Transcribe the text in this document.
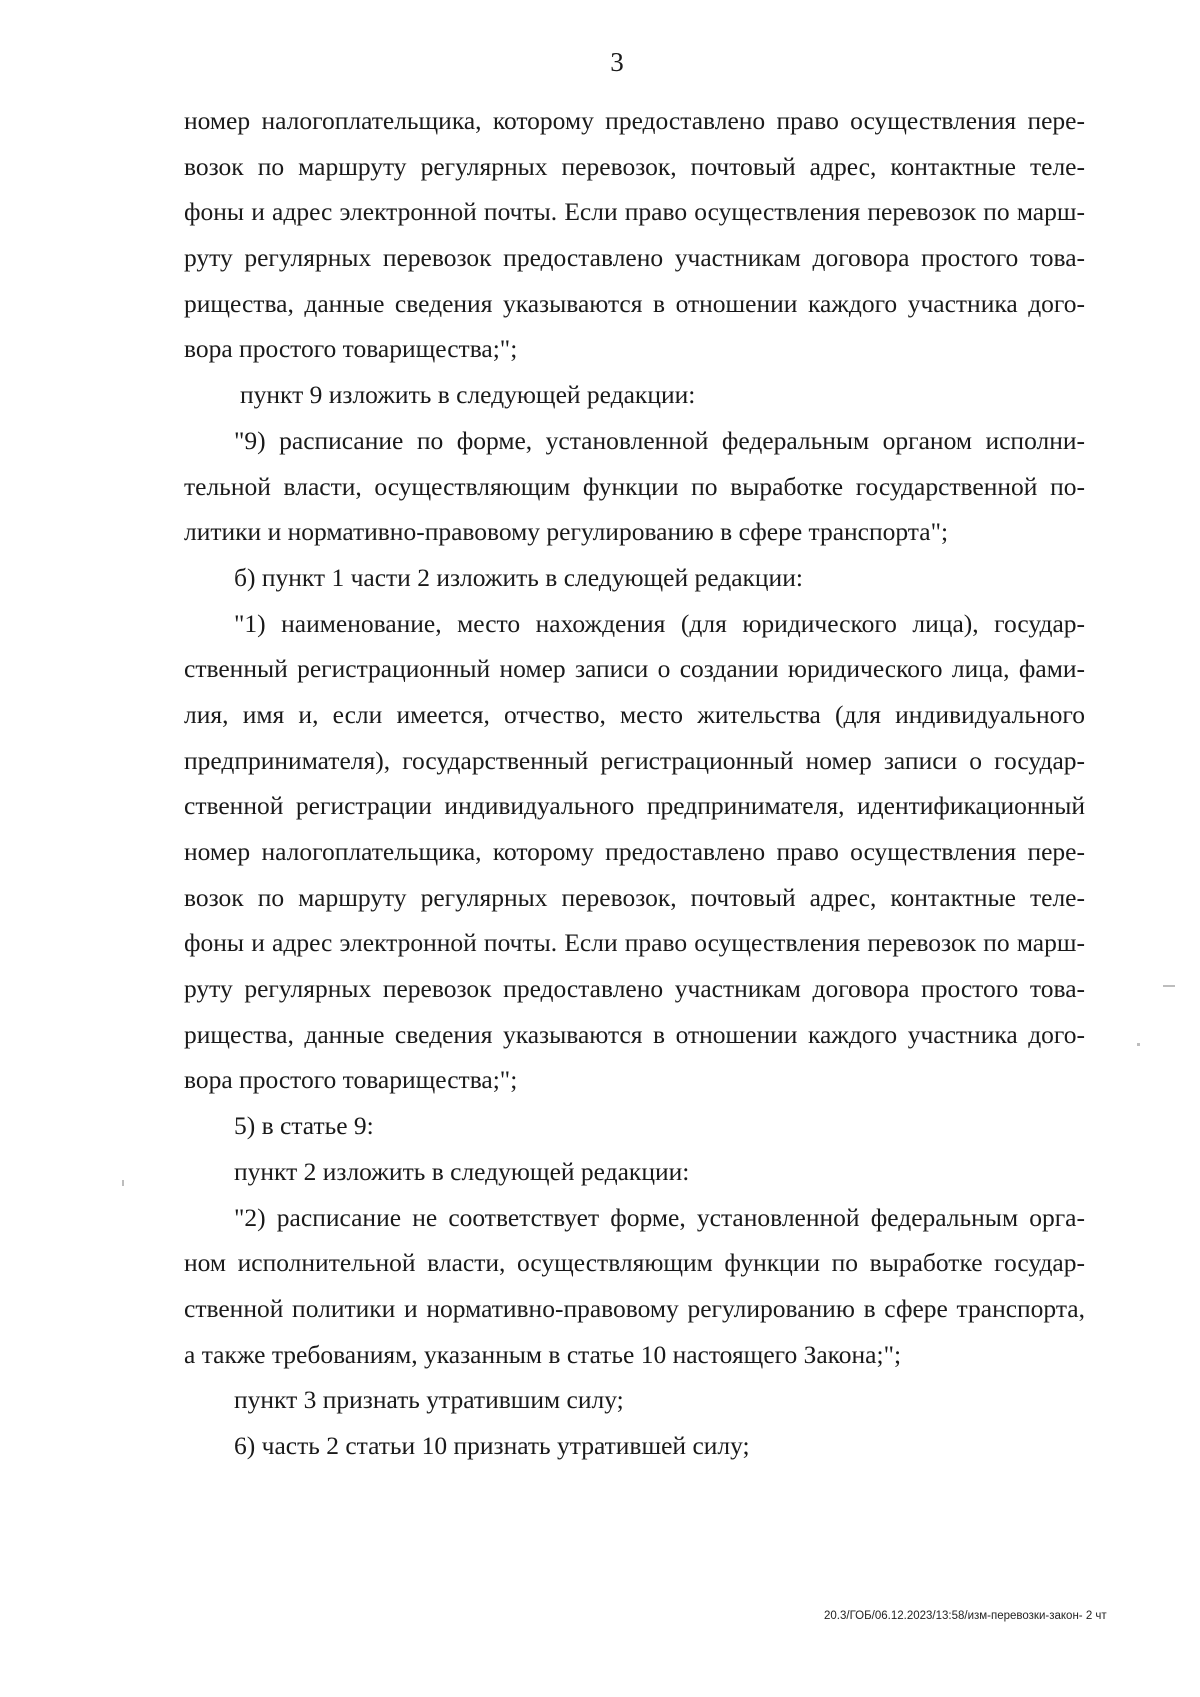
3
номер налогоплательщика, которому предоставлено право осуществления пере-
возок по маршруту регулярных перевозок, почтовый адрес, контактные теле-
фоны и адрес электронной почты. Если право осуществления перевозок по марш-
руту регулярных перевозок предоставлено участникам договора простого това-
рищества, данные сведения указываются в отношении каждого участника дого-
вора простого товарищества;";
пункт 9 изложить в следующей редакции:
"9) расписание по форме, установленной федеральным органом исполни-
тельной власти, осуществляющим функции по выработке государственной по-
литики и нормативно-правовому регулированию в сфере транспорта";
б) пункт 1 части 2 изложить в следующей редакции:
"1) наименование, место нахождения (для юридического лица), государ-
ственный регистрационный номер записи о создании юридического лица, фами-
лия, имя и, если имеется, отчество, место жительства (для индивидуального
предпринимателя), государственный регистрационный номер записи о государ-
ственной регистрации индивидуального предпринимателя, идентификационный
номер налогоплательщика, которому предоставлено право осуществления пере-
возок по маршруту регулярных перевозок, почтовый адрес, контактные теле-
фоны и адрес электронной почты. Если право осуществления перевозок по марш-
руту регулярных перевозок предоставлено участникам договора простого това-
рищества, данные сведения указываются в отношении каждого участника дого-
вора простого товарищества;";
5) в статье 9:
пункт 2 изложить в следующей редакции:
"2) расписание не соответствует форме, установленной федеральным орга-
ном исполнительной власти, осуществляющим функции по выработке государ-
ственной политики и нормативно-правовому регулированию в сфере транспорта,
а также требованиям, указанным в статье 10 настоящего Закона;";
пункт 3 признать утратившим силу;
6) часть 2 статьи 10 признать утратившей силу;
20.3/ГОБ/06.12.2023/13:58/изм-перевозки-закон- 2 чт
